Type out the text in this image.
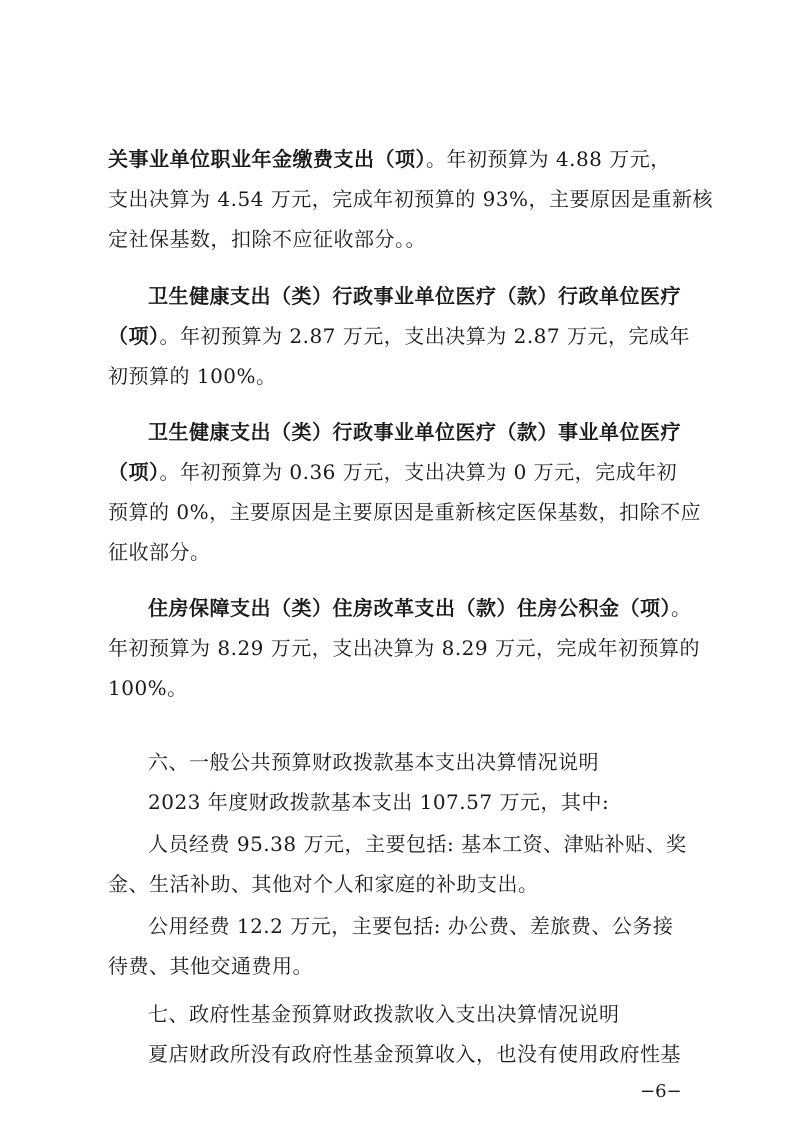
关事业单位职业年金缴费支出（项）。年初预算为 4.88 万元，
支出决算为 4.54 万元，完成年初预算的 93%，主要原因是重新核
定社保基数，扣除不应征收部分。。
卫生健康支出（类）行政事业单位医疗（款）行政单位医疗
（项）。年初预算为 2.87 万元，支出决算为 2.87 万元，完成年
初预算的 100%。
卫生健康支出（类）行政事业单位医疗（款）事业单位医疗
（项）。年初预算为 0.36 万元，支出决算为 0 万元，完成年初
预算的 0%，主要原因是主要原因是重新核定医保基数，扣除不应
征收部分。
住房保障支出（类）住房改革支出（款）住房公积金（项）。
年初预算为 8.29 万元，支出决算为 8.29 万元，完成年初预算的
100%。
六、一般公共预算财政拨款基本支出决算情况说明
2023 年度财政拨款基本支出 107.57 万元，其中:
人员经费 95.38 万元，主要包括: 基本工资、津贴补贴、奖
金、生活补助、其他对个人和家庭的补助支出。
公用经费 12.2 万元，主要包括: 办公费、差旅费、公务接
待费、其他交通费用。
七、政府性基金预算财政拨款收入支出决算情况说明
夏店财政所没有政府性基金预算收入，也没有使用政府性基
−6−
